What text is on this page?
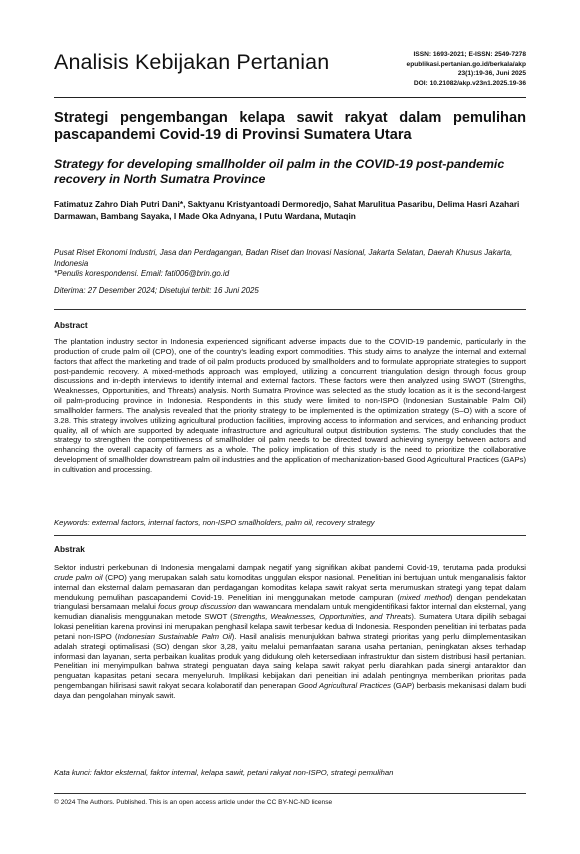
Analisis Kebijakan Pertanian	ISSN: 1693-2021; E-ISSN: 2549-7278
epublikasi.pertanian.go.id/berkala/akp
23(1):19-36, Juni 2025
DOI: 10.21082/akp.v23n1.2025.19-36
Strategi pengembangan kelapa sawit rakyat dalam pemulihan pascapandemi Covid-19 di Provinsi Sumatera Utara
Strategy for developing smallholder oil palm in the COVID-19 post-pandemic recovery in North Sumatra Province
Fatimatuz Zahro Diah Putri Dani*, Saktyanu Kristyantoadi Dermoredjo, Sahat Marulitua Pasaribu, Delima Hasri Azahari Darmawan, Bambang Sayaka, I Made Oka Adnyana, I Putu Wardana, Mutaqin
Pusat Riset Ekonomi Industri, Jasa dan Perdagangan, Badan Riset dan Inovasi Nasional, Jakarta Selatan, Daerah Khusus Jakarta, Indonesia
*Penulis korespondensi. Email: fati006@brin.go.id
Diterima: 27 Desember 2024; Disetujui terbit: 16 Juni 2025
Abstract
The plantation industry sector in Indonesia experienced significant adverse impacts due to the COVID-19 pandemic, particularly in the production of crude palm oil (CPO), one of the country's leading export commodities. This study aims to analyze the internal and external factors that affect the marketing and trade of oil palm products produced by smallholders and to formulate appropriate strategies to support post-pandemic recovery. A mixed-methods approach was employed, utilizing a concurrent triangulation design through focus group discussions and in-depth interviews to identify internal and external factors. These factors were then analyzed using SWOT (Strengths, Weaknesses, Opportunities, and Threats) analysis. North Sumatra Province was selected as the study location as it is the second-largest oil palm-producing province in Indonesia. Respondents in this study were limited to non-ISPO (Indonesian Sustainable Palm Oil) smallholder farmers. The analysis revealed that the priority strategy to be implemented is the optimization strategy (S–O) with a score of 3.28. This strategy involves utilizing agricultural production facilities, improving access to information and services, and enhancing product quality, all of which are supported by adequate infrastructure and agricultural output distribution systems. The study concludes that the strategy to strengthen the competitiveness of smallholder oil palm needs to be directed toward achieving synergy between actors and enhancing the overall capacity of farmers as a whole. The policy implication of this study is the need to prioritize the collaborative development of smallholder downstream palm oil industries and the application of mechanization-based Good Agricultural Practices (GAPs) in cultivation and processing.
Keywords: external factors, internal factors, non-ISPO smallholders, palm oil, recovery strategy
Abstrak
Sektor industri perkebunan di Indonesia mengalami dampak negatif yang signifikan akibat pandemi Covid-19, terutama pada produksi crude palm oil (CPO) yang merupakan salah satu komoditas unggulan ekspor nasional. Penelitian ini bertujuan untuk menganalisis faktor internal dan eksternal dalam pemasaran dan perdagangan komoditas kelapa sawit rakyat serta merumuskan strategi yang tepat dalam mendukung pemulihan pascapandemi Covid-19. Penelitian ini menggunakan metode campuran (mixed method) dengan pendekatan triangulasi bersamaan melalui focus group discussion dan wawancara mendalam untuk mengidentifikasi faktor internal dan eksternal, yang kemudian dianalisis menggunakan metode SWOT (Strengths, Weaknesses, Opportunities, and Threats). Sumatera Utara dipilih sebagai lokasi penelitian karena provinsi ini merupakan penghasil kelapa sawit terbesar kedua di Indonesia. Responden penelitian ini terbatas pada petani non-ISPO (Indonesian Sustainable Palm Oil). Hasil analisis menunjukkan bahwa strategi prioritas yang perlu diimplementasikan adalah strategi optimalisasi (SO) dengan skor 3,28, yaitu melalui pemanfaatan sarana usaha pertanian, peningkatan akses terhadap informasi dan layanan, serta perbaikan kualitas produk yang didukung oleh ketersediaan infrastruktur dan sistem distribusi hasil pertanian. Penelitian ini menyimpulkan bahwa strategi penguatan daya saing kelapa sawit rakyat perlu diarahkan pada sinergi antaraktor dan penguatan kapasitas petani secara menyeluruh. Implikasi kebijakan dari peneitian ini adalah pentingnya memberikan prioritas pada pengembangan hilirisasi sawit rakyat secara kolaboratif dan penerapan Good Agricultural Practices (GAP) berbasis mekanisasi dalam budi daya dan pengolahan minyak sawit.
Kata kunci: faktor eksternal, faktor internal, kelapa sawit, petani rakyat non-ISPO, strategi pemulihan
© 2024 The Authors. Published. This is an open access article under the CC BY-NC-ND license
